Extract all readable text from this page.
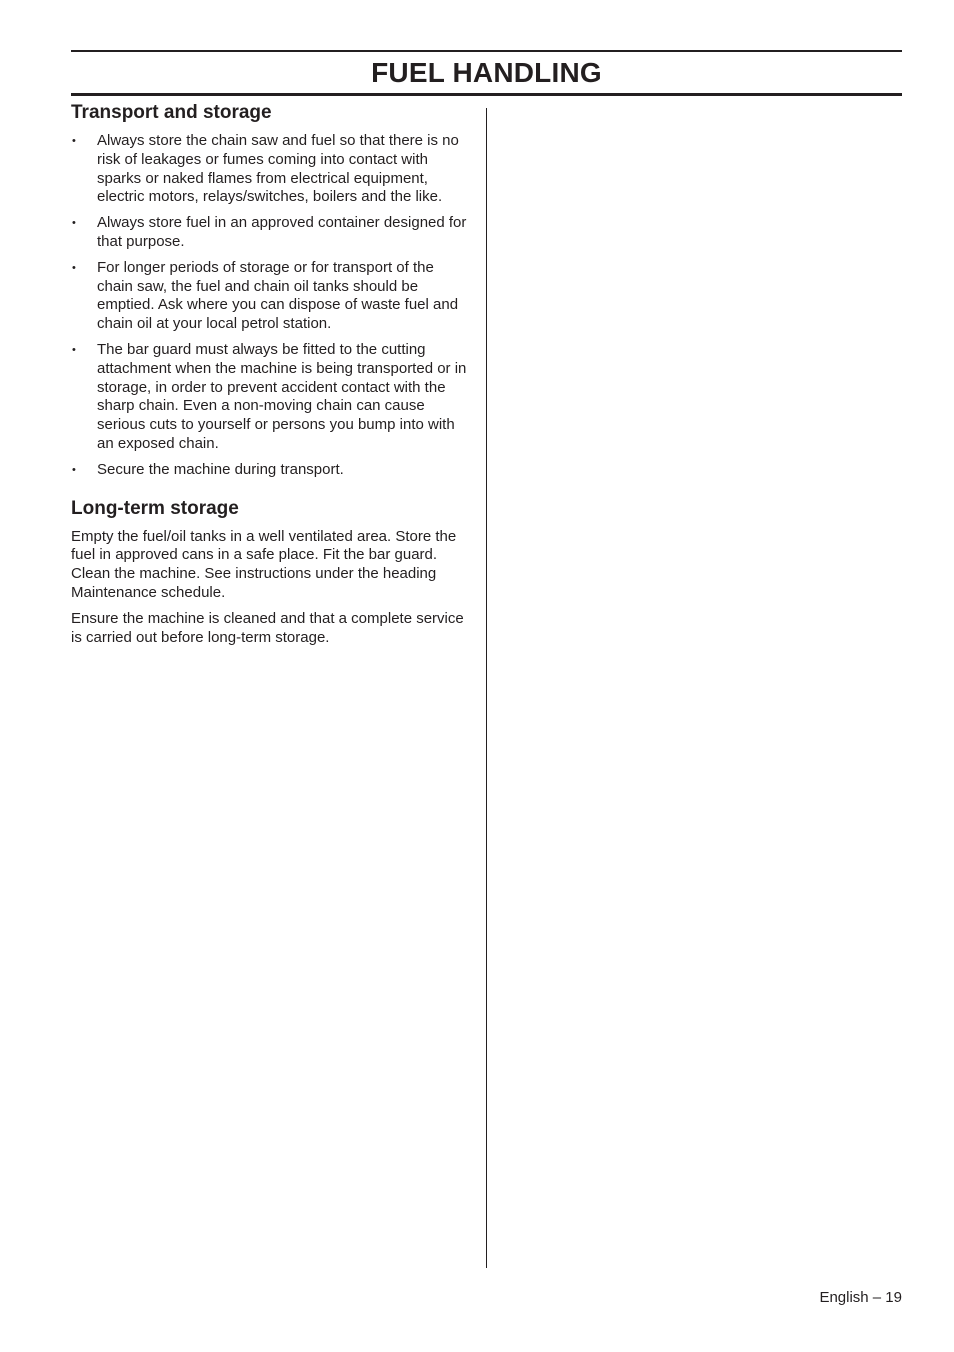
FUEL HANDLING
Transport and storage
• Always store the chain saw and fuel so that there is no risk of leakages or fumes coming into contact with sparks or naked flames from electrical equipment, electric motors, relays/switches, boilers and the like.
• Always store fuel in an approved container designed for that purpose.
• For longer periods of storage or for transport of the chain saw, the fuel and chain oil tanks should be emptied. Ask where you can dispose of waste fuel and chain oil at your local petrol station.
• The bar guard must always be fitted to the cutting attachment when the machine is being transported or in storage, in order to prevent accident contact with the sharp chain. Even a non-moving chain can cause serious cuts to yourself or persons you bump into with an exposed chain.
• Secure the machine during transport.
Long-term storage

Empty the fuel/oil tanks in a well ventilated area. Store the fuel in approved cans in a safe place. Fit the bar guard. Clean the machine. See instructions under the heading Maintenance schedule.

Ensure the machine is cleaned and that a complete service is carried out before long-term storage.

English – 19
